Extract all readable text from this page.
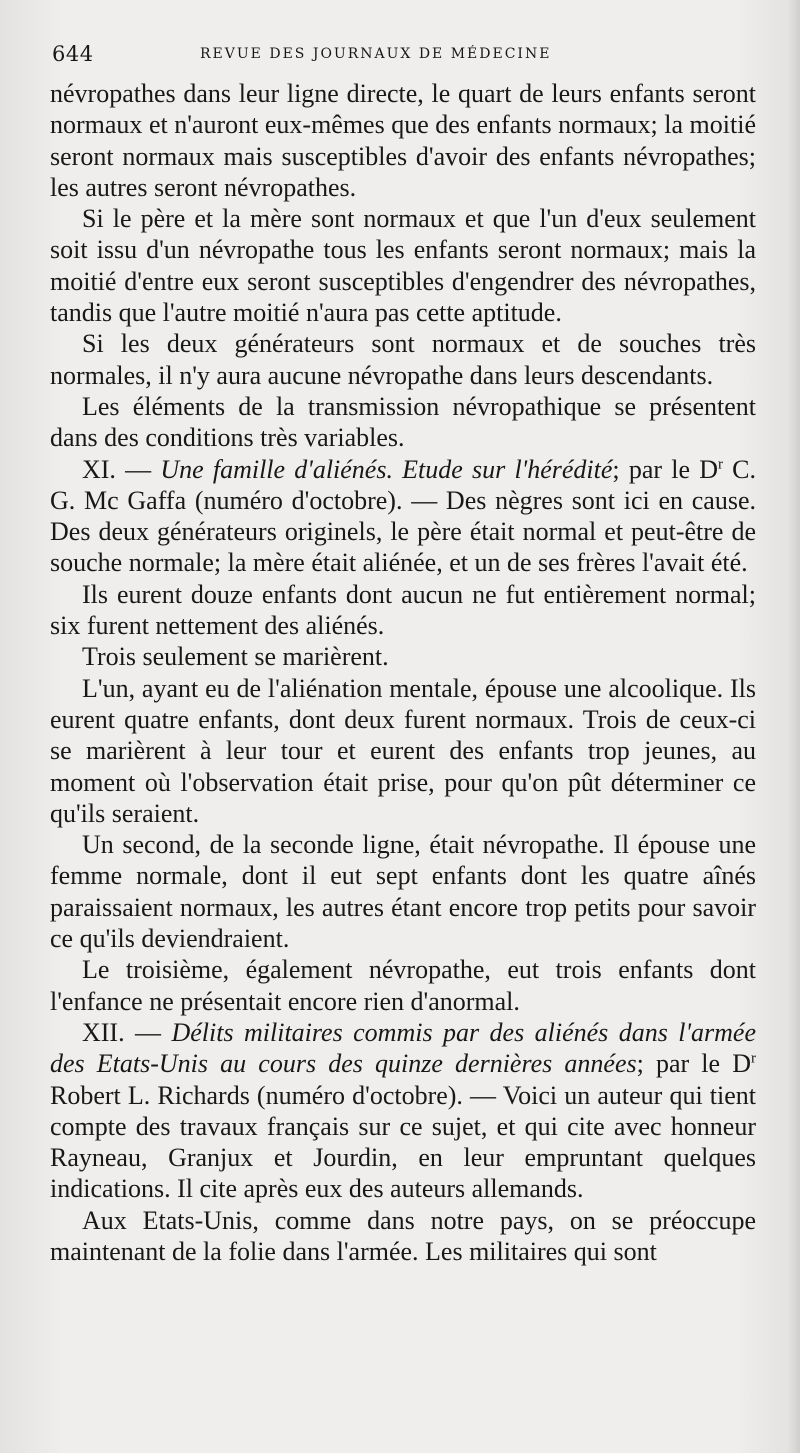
644	REVUE DES JOURNAUX DE MÉDECINE

névropathes dans leur ligne directe, le quart de leurs enfants seront normaux et n'auront eux-mêmes que des enfants normaux; la moitié seront normaux mais susceptibles d'avoir des enfants névropathes; les autres seront névropathes.

Si le père et la mère sont normaux et que l'un d'eux seulement soit issu d'un névropathe tous les enfants seront normaux; mais la moitié d'entre eux seront susceptibles d'engendrer des névropathes, tandis que l'autre moitié n'aura pas cette aptitude.

Si les deux générateurs sont normaux et de souches très normales, il n'y aura aucune névropathe dans leurs descendants.

Les éléments de la transmission névropathique se présentent dans des conditions très variables.

XI. — Une famille d'aliénés. Etude sur l'hérédité; par le $D^r$ C. G. Mc Gaffa (numéro d'octobre). — Des nègres sont ici en cause. Des deux générateurs originels, le père était normal et peut-être de souche normale; la mère était aliénée, et un de ses frères l'avait été.

Ils eurent douze enfants dont aucun ne fut entièrement normal; six furent nettement des aliénés.

Trois seulement se marièrent.

L'un, ayant eu de l'aliénation mentale, épouse une alcoolique. Ils eurent quatre enfants, dont deux furent normaux. Trois de ceux-ci se marièrent à leur tour et eurent des enfants trop jeunes, au moment où l'observation était prise, pour qu'on pût déterminer ce qu'ils seraient.

Un second, de la seconde ligne, était névropathe. Il épouse une femme normale, dont il eut sept enfants dont les quatre aînés paraissaient normaux, les autres étant encore trop petits pour savoir ce qu'ils deviendraient.

Le troisième, également névropathe, eut trois enfants dont l'enfance ne présentait encore rien d'anormal.

XII. — Délits militaires commis par des aliénés dans l'armée des Etats-Unis au cours des quinze dernières années; par le $D^r$ Robert L. Richards (numéro d'octobre). — Voici un auteur qui tient compte des travaux français sur ce sujet, et qui cite avec honneur Rayneau, Granjux et Jourdin, en leur empruntant quelques indications. Il cite après eux des auteurs allemands.

Aux Etats-Unis, comme dans notre pays, on se préoccupe maintenant de la folie dans l'armée. Les militaires qui sont
